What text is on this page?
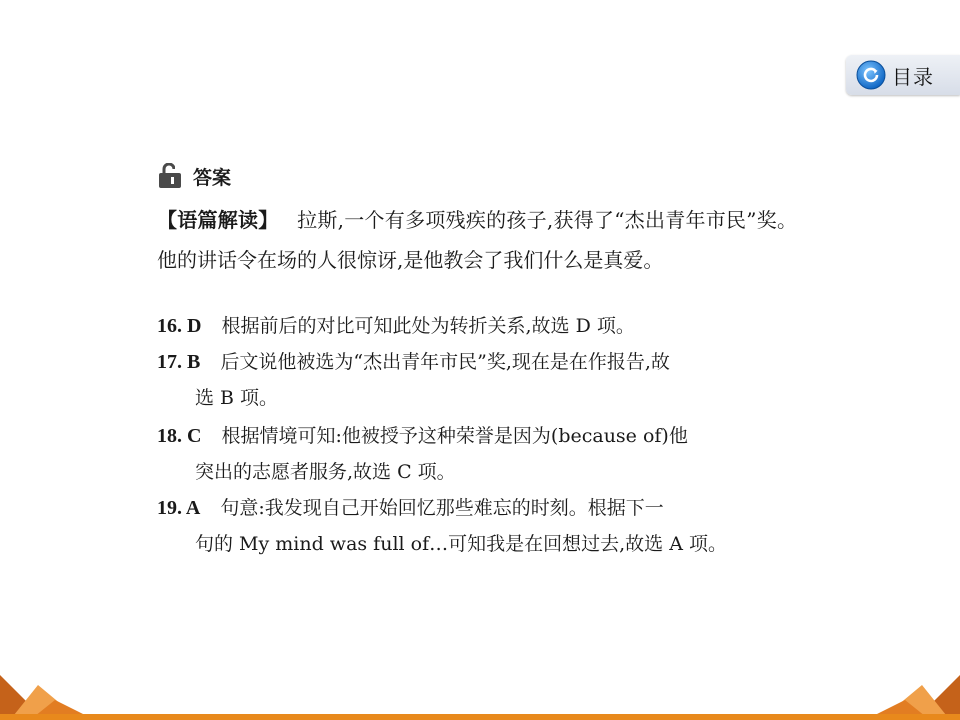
目录
答案
【语篇解读】 拉斯,一个有多项残疾的孩子,获得了“杰出青年市民”奖。他的讲话令在场的人很惊讶,是他教会了我们什么是真爱。
16. D 根据前后的对比可知此处为转折关系,故选 D 项。
17. B 后文说他被选为“杰出青年市民”奖,现在是在作报告,故
选 B 项。
18. C 根据情境可知:他被授予这种荣誉是因为(because of)他
突出的志愿者服务,故选 C 项。
19. A 句意:我发现自己开始回忆那些难忘的时刻。根据下一
句的 My mind was full of…可知我是在回想过去,故选 A 项。
